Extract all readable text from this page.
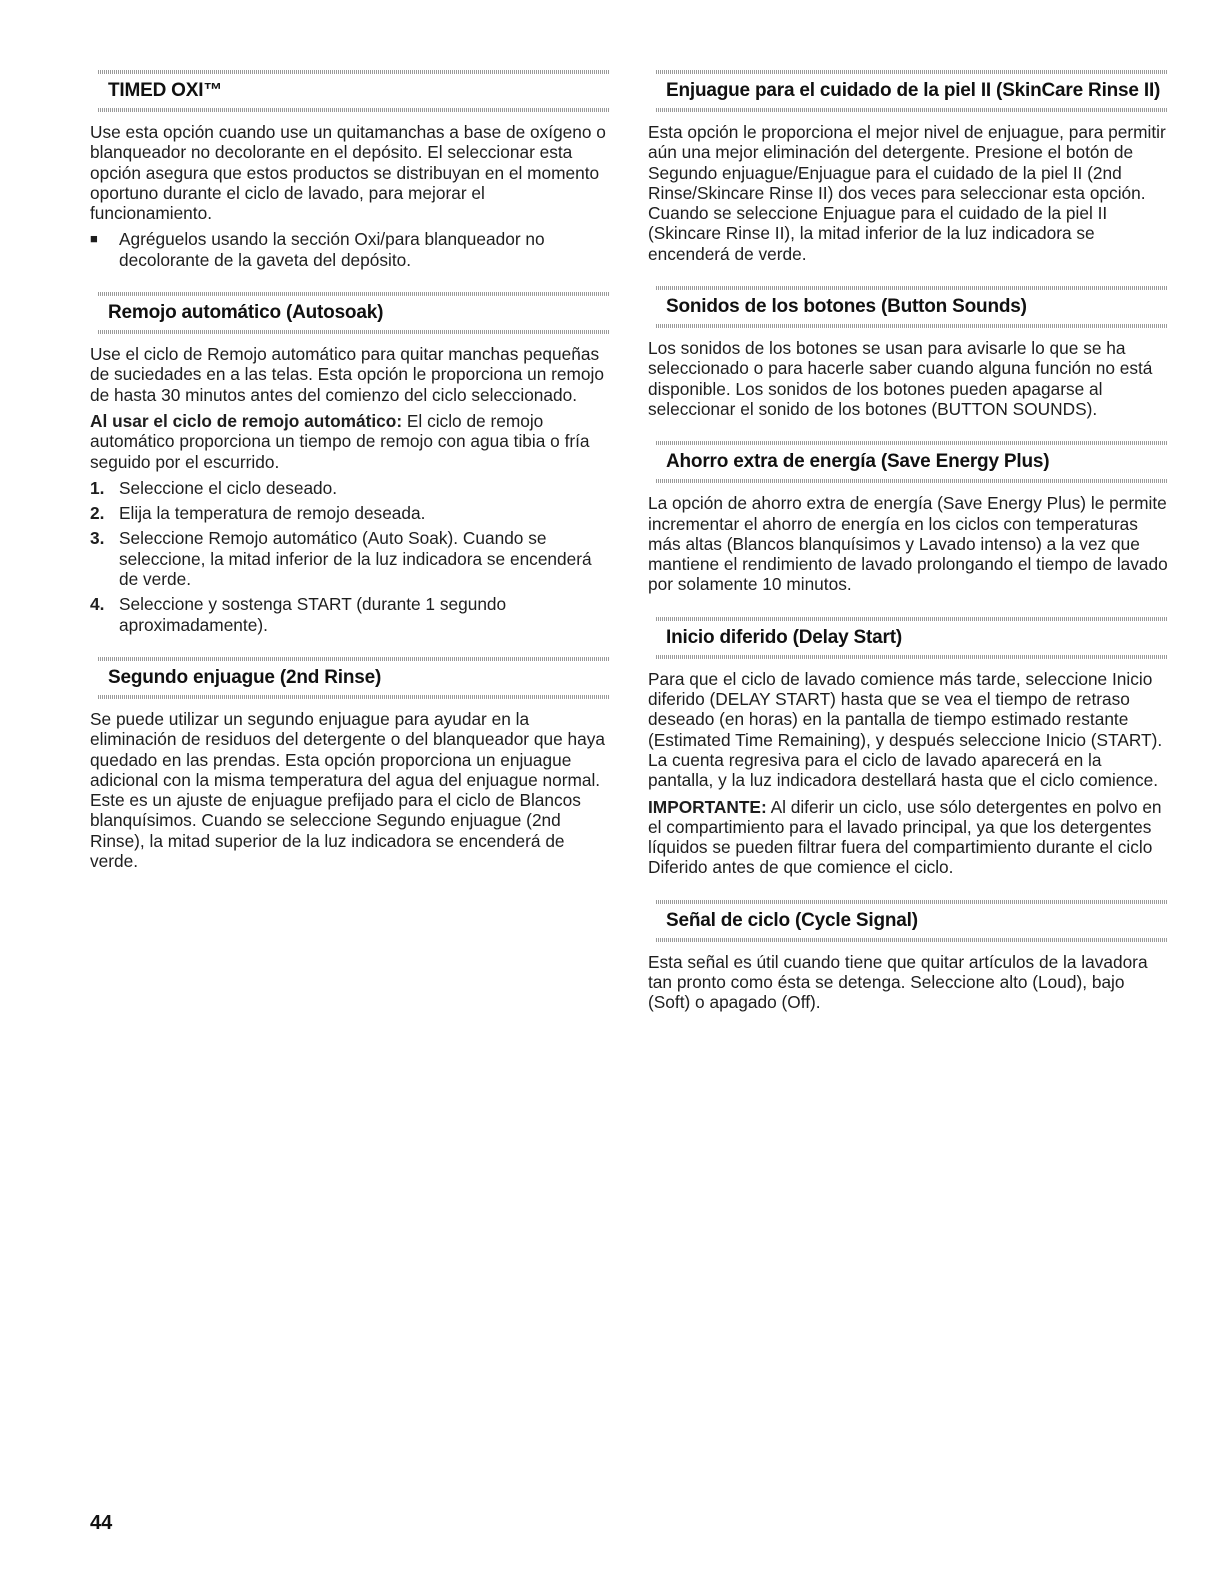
TIMED OXI™

Use esta opción cuando use un quitamanchas a base de oxígeno o blanqueador no decolorante en el depósito. El seleccionar esta opción asegura que estos productos se distribuyan en el momento oportuno durante el ciclo de lavado, para mejorar el funcionamiento.

■	Agréguelos usando la sección Oxi/para blanqueador no decolorante de la gaveta del depósito.
Remojo automático (Autosoak)

Use el ciclo de Remojo automático para quitar manchas pequeñas de suciedades en a las telas. Esta opción le proporciona un remojo de hasta 30 minutos antes del comienzo del ciclo seleccionado.

Al usar el ciclo de remojo automático: El ciclo de remojo automático proporciona un tiempo de remojo con agua tibia o fría seguido por el escurrido.

1. Seleccione el ciclo deseado.
2. Elija la temperatura de remojo deseada.
3. Seleccione Remojo automático (Auto Soak). Cuando se seleccione, la mitad inferior de la luz indicadora se encenderá de verde.
4. Seleccione y sostenga START (durante 1 segundo aproximadamente).
Segundo enjuague (2nd Rinse)

Se puede utilizar un segundo enjuague para ayudar en la eliminación de residuos del detergente o del blanqueador que haya quedado en las prendas. Esta opción proporciona un enjuague adicional con la misma temperatura del agua del enjuague normal. Este es un ajuste de enjuague prefijado para el ciclo de Blancos blanquísimos. Cuando se seleccione Segundo enjuague (2nd Rinse), la mitad superior de la luz indicadora se encenderá de verde.

Enjuague para el cuidado de la piel II (SkinCare Rinse II)

Esta opción le proporciona el mejor nivel de enjuague, para permitir aún una mejor eliminación del detergente. Presione el botón de Segundo enjuague/Enjuague para el cuidado de la piel II (2nd Rinse/Skincare Rinse II) dos veces para seleccionar esta opción. Cuando se seleccione Enjuague para el cuidado de la piel II (Skincare Rinse II), la mitad inferior de la luz indicadora se encenderá de verde.

Sonidos de los botones (Button Sounds)

Los sonidos de los botones se usan para avisarle lo que se ha seleccionado o para hacerle saber cuando alguna función no está disponible. Los sonidos de los botones pueden apagarse al seleccionar el sonido de los botones (BUTTON SOUNDS).

Ahorro extra de energía (Save Energy Plus)

La opción de ahorro extra de energía (Save Energy Plus) le permite incrementar el ahorro de energía en los ciclos con temperaturas más altas (Blancos blanquísimos y Lavado intenso) a la vez que mantiene el rendimiento de lavado prolongando el tiempo de lavado por solamente 10 minutos.

Inicio diferido (Delay Start)

Para que el ciclo de lavado comience más tarde, seleccione Inicio diferido (DELAY START) hasta que se vea el tiempo de retraso deseado (en horas) en la pantalla de tiempo estimado restante (Estimated Time Remaining), y después seleccione Inicio (START). La cuenta regresiva para el ciclo de lavado aparecerá en la pantalla, y la luz indicadora destellará hasta que el ciclo comience.

IMPORTANTE: Al diferir un ciclo, use sólo detergentes en polvo en el compartimiento para el lavado principal, ya que los detergentes líquidos se pueden filtrar fuera del compartimiento durante el ciclo Diferido antes de que comience el ciclo.

Señal de ciclo (Cycle Signal)

Esta señal es útil cuando tiene que quitar artículos de la lavadora tan pronto como ésta se detenga. Seleccione alto (Loud), bajo (Soft) o apagado (Off).

44
